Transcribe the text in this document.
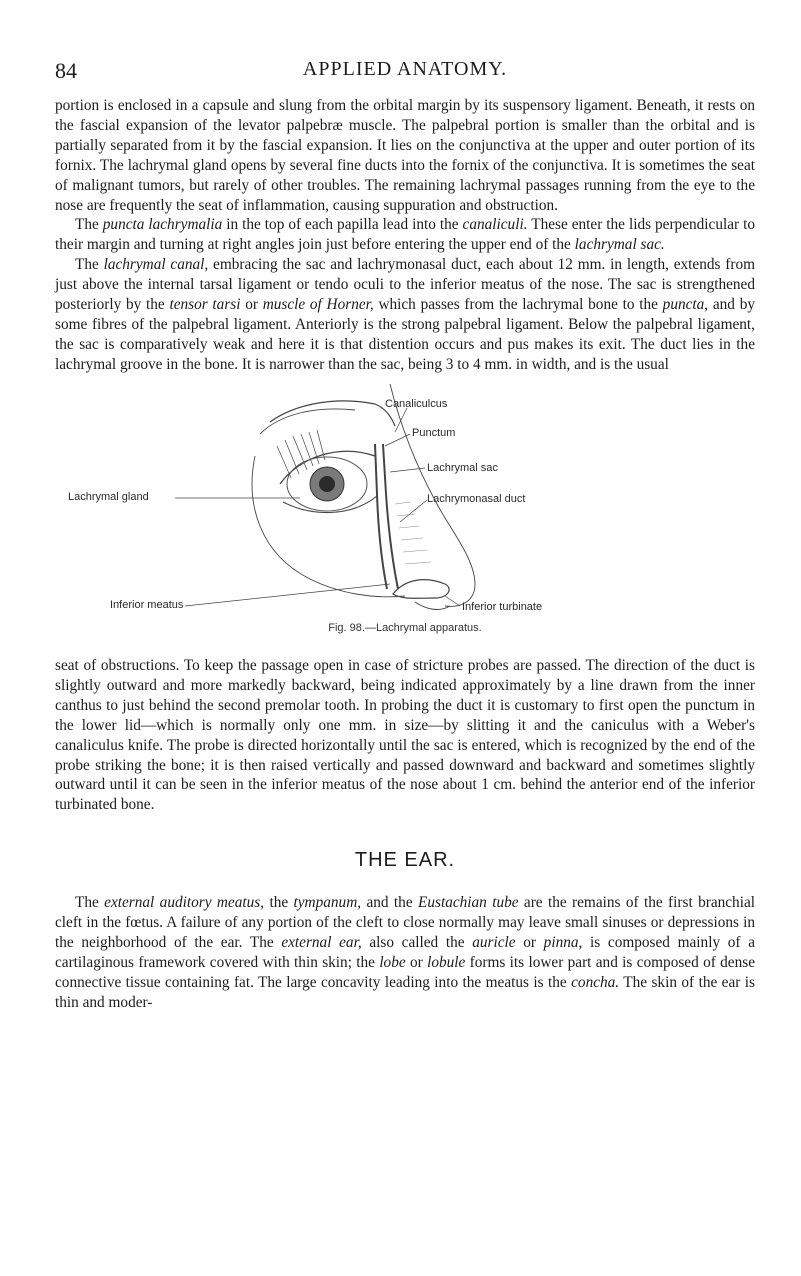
84	APPLIED ANATOMY.

portion is enclosed in a capsule and slung from the orbital margin by its suspensory ligament. Beneath, it rests on the fascial expansion of the levator palpebræ muscle. The palpebral portion is smaller than the orbital and is partially separated from it by the fascial expansion. It lies on the conjunctiva at the upper and outer portion of its fornix. The lachrymal gland opens by several fine ducts into the fornix of the conjunctiva. It is sometimes the seat of malignant tumors, but rarely of other troubles. The remaining lachrymal passages running from the eye to the nose are frequently the seat of inflammation, causing suppuration and obstruction.

The puncta lachrymalia in the top of each papilla lead into the canaliculi. These enter the lids perpendicular to their margin and turning at right angles join just before entering the upper end of the lachrymal sac.

The lachrymal canal, embracing the sac and lachrymonasal duct, each about 12 mm. in length, extends from just above the internal tarsal ligament or tendo oculi to the inferior meatus of the nose. The sac is strengthened posteriorly by the tensor tarsi or muscle of Horner, which passes from the lachrymal bone to the puncta, and by some fibres of the palpebral ligament. Anteriorly is the strong palpebral ligament. Below the palpebral ligament, the sac is comparatively weak and here it is that distention occurs and pus makes its exit. The duct lies in the lachrymal groove in the bone. It is narrower than the sac, being 3 to 4 mm. in width, and is the usual

Canaliculcus
Punctum
Lachrymal sac
Lachrymonasal duct
Lachrymal gland
Inferior meatus	Inferior turbinate
Fig. 98.—Lachrymal apparatus.

seat of obstructions. To keep the passage open in case of stricture probes are passed. The direction of the duct is slightly outward and more markedly backward, being indicated approximately by a line drawn from the inner canthus to just behind the second premolar tooth. In probing the duct it is customary to first open the punctum in the lower lid—which is normally only one mm. in size—by slitting it and the caniculus with a Weber's canaliculus knife. The probe is directed horizontally until the sac is entered, which is recognized by the end of the probe striking the bone; it is then raised vertically and passed downward and backward and sometimes slightly outward until it can be seen in the inferior meatus of the nose about 1 cm. behind the anterior end of the inferior turbinated bone.

THE EAR.

The external auditory meatus, the tympanum, and the Eustachian tube are the remains of the first branchial cleft in the fœtus. A failure of any portion of the cleft to close normally may leave small sinuses or depressions in the neighborhood of the ear. The external ear, also called the auricle or pinna, is composed mainly of a cartilaginous framework covered with thin skin; the lobe or lobule forms its lower part and is composed of dense connective tissue containing fat. The large concavity leading into the meatus is the concha. The skin of the ear is thin and moder-
